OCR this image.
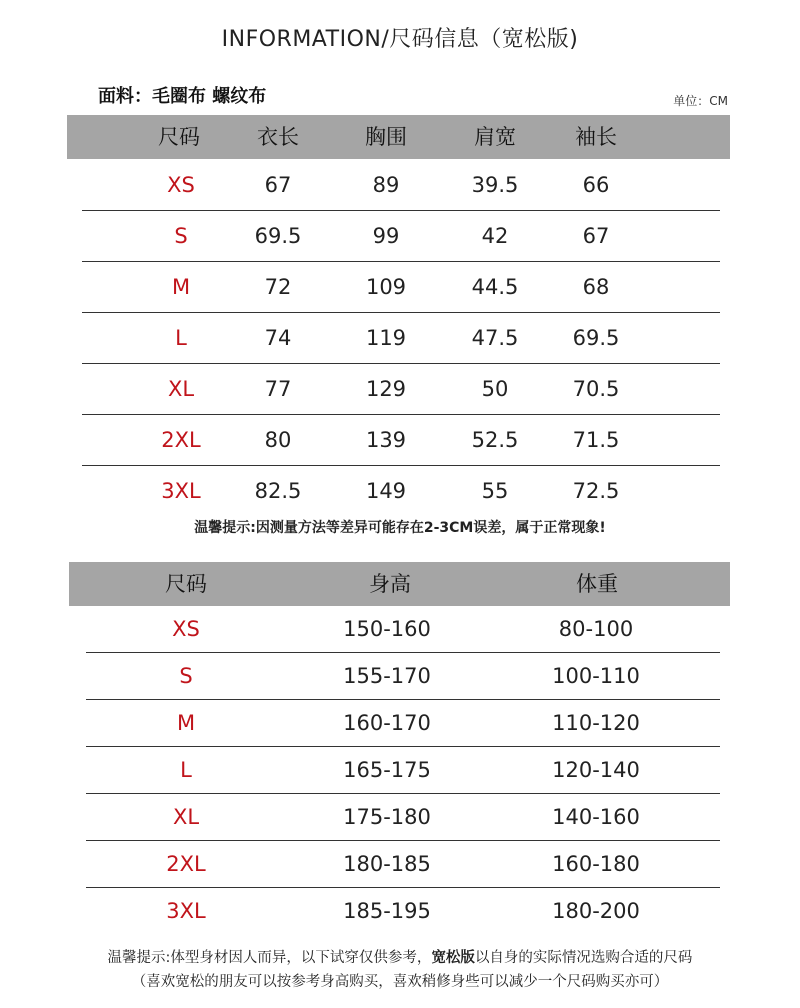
INFORMATION/尺码信息（宽松版)
面料：毛圈布 螺纹布	单位：CM
尺码	衣长	胸围	肩宽	袖长
XS	67	89	39.5	66
S	69.5	99	42	67
M	72	109	44.5	68
L	74	119	47.5	69.5
XL	77	129	50	70.5
2XL	80	139	52.5	71.5
3XL	82.5	149	55	72.5
温馨提示:因测量方法等差异可能存在2-3CM误差，属于正常现象!
尺码	身高	体重
XS	150-160	80-100
S	155-170	100-110
M	160-170	110-120
L	165-175	120-140
XL	175-180	140-160
2XL	180-185	160-180
3XL	185-195	180-200
温馨提示:体型身材因人而异，以下试穿仅供参考，宽松版以自身的实际情况选购合适的尺码
（喜欢宽松的朋友可以按参考身高购买，喜欢稍修身些可以减少一个尺码购买亦可）
